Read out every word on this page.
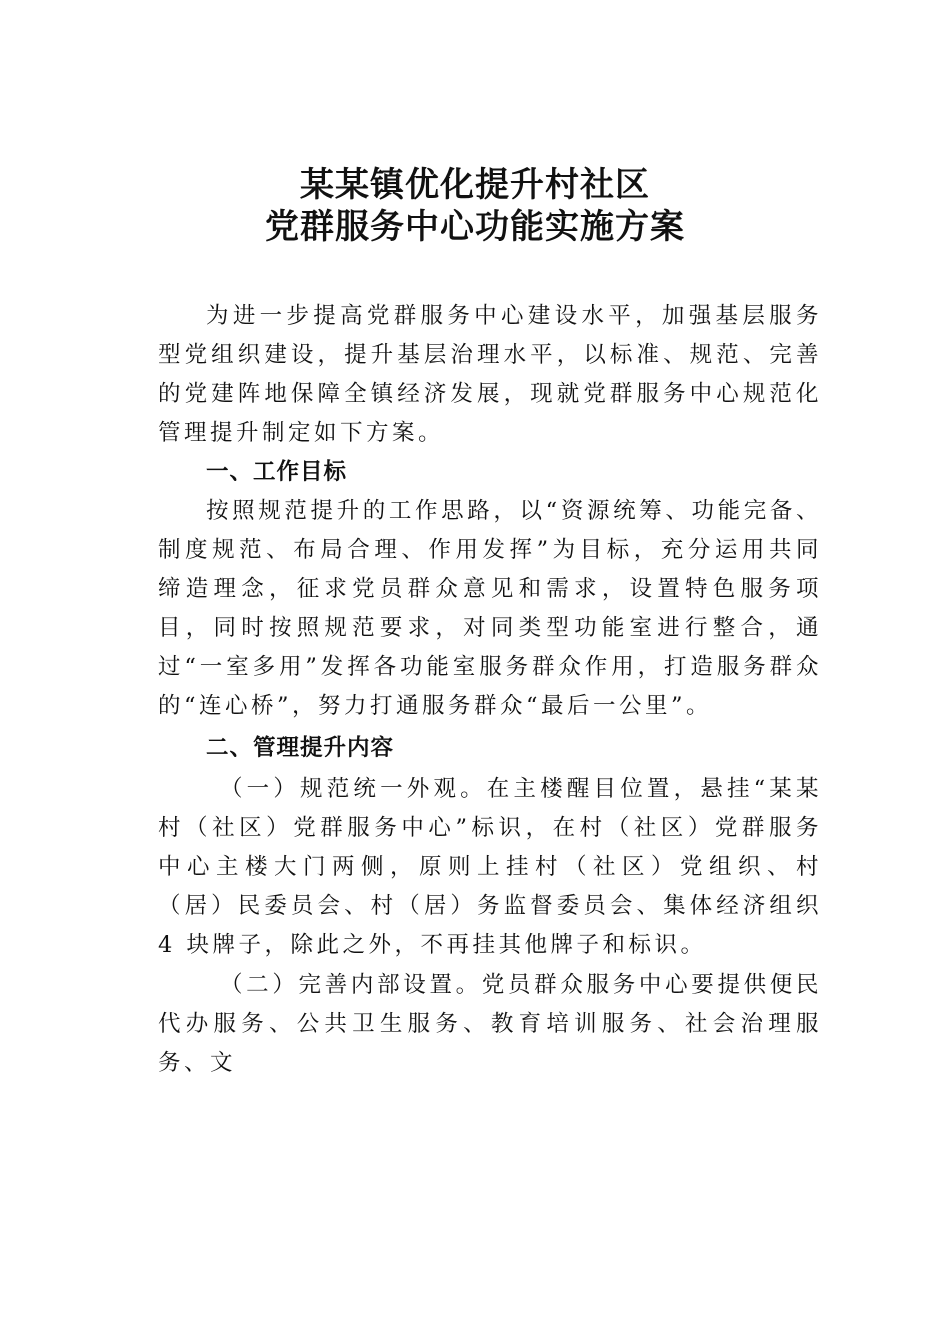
某某镇优化提升村社区
党群服务中心功能实施方案

为进一步提高党群服务中心建设水平，加强基层服务型党组织建设，提升基层治理水平，以标准、规范、完善的党建阵地保障全镇经济发展，现就党群服务中心规范化管理提升制定如下方案。

一、工作目标

按照规范提升的工作思路，以“资源统筹、功能完备、制度规范、布局合理、作用发挥”为目标，充分运用共同缔造理念，征求党员群众意见和需求，设置特色服务项目，同时按照规范要求，对同类型功能室进行整合，通过“一室多用”发挥各功能室服务群众作用，打造服务群众的“连心桥”，努力打通服务群众“最后一公里”。

二、管理提升内容

（一）规范统一外观。在主楼醒目位置，悬挂“某某村（社区）党群服务中心”标识，在村（社区）党群服务中心主楼大门两侧，原则上挂村（社区）党组织、村（居）民委员会、村（居）务监督委员会、集体经济组织 4 块牌子，除此之外，不再挂其他牌子和标识。

（二）完善内部设置。党员群众服务中心要提供便民代办服务、公共卫生服务、教育培训服务、社会治理服务、文
